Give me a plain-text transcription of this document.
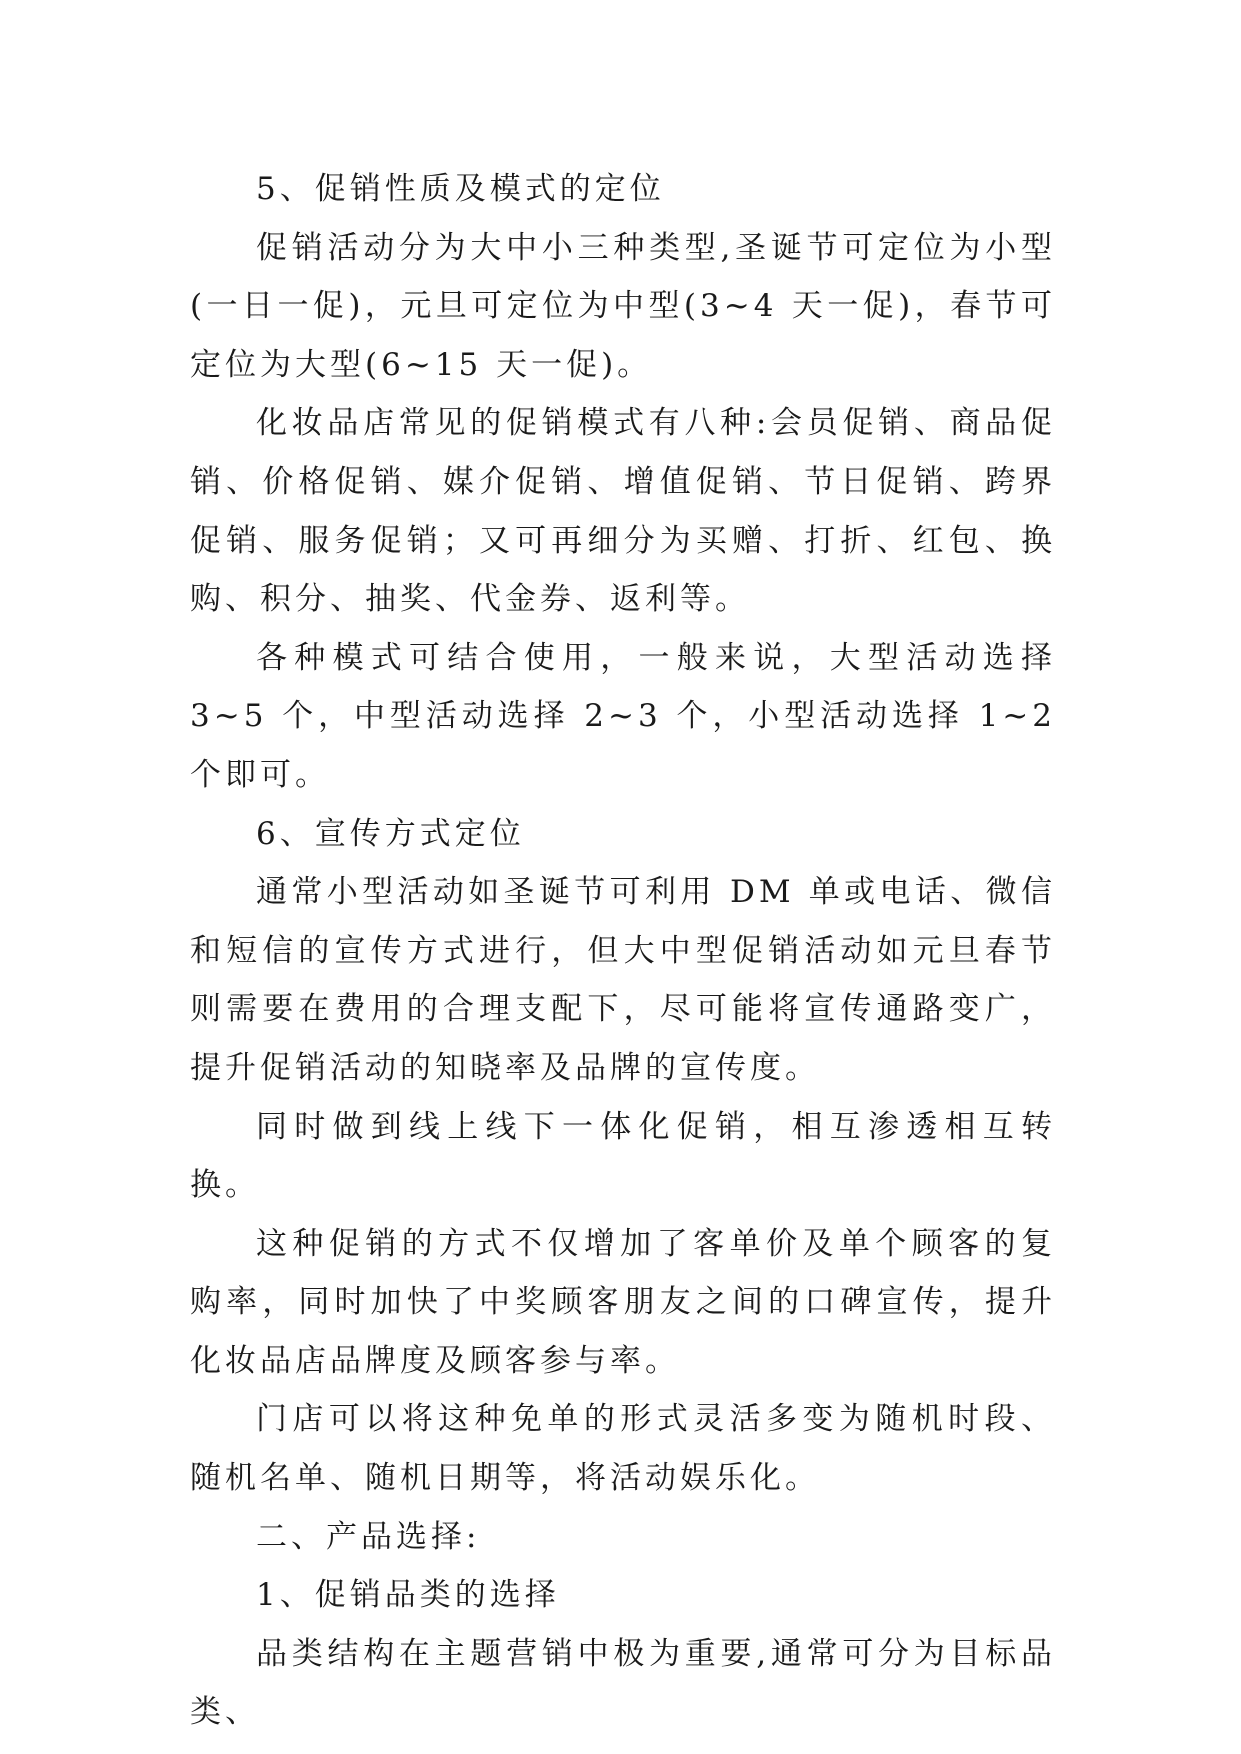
5、促销性质及模式的定位

促销活动分为大中小三种类型,圣诞节可定位为小型(一日一促)，元旦可定位为中型(3~4 天一促)，春节可定位为大型(6~15 天一促)。

化妆品店常见的促销模式有八种:会员促销、商品促销、价格促销、媒介促销、增值促销、节日促销、跨界促销、服务促销；又可再细分为买赠、打折、红包、换购、积分、抽奖、代金券、返利等。

各种模式可结合使用，一般来说，大型活动选择 3~5 个，中型活动选择 2~3 个，小型活动选择 1~2 个即可。

6、宣传方式定位

通常小型活动如圣诞节可利用 DM 单或电话、微信和短信的宣传方式进行，但大中型促销活动如元旦春节则需要在费用的合理支配下，尽可能将宣传通路变广，提升促销活动的知晓率及品牌的宣传度。

同时做到线上线下一体化促销，相互渗透相互转换。

这种促销的方式不仅增加了客单价及单个顾客的复购率，同时加快了中奖顾客朋友之间的口碑宣传，提升化妆品店品牌度及顾客参与率。

门店可以将这种免单的形式灵活多变为随机时段、随机名单、随机日期等，将活动娱乐化。

二、产品选择:

1、促销品类的选择

品类结构在主题营销中极为重要,通常可分为目标品类、
